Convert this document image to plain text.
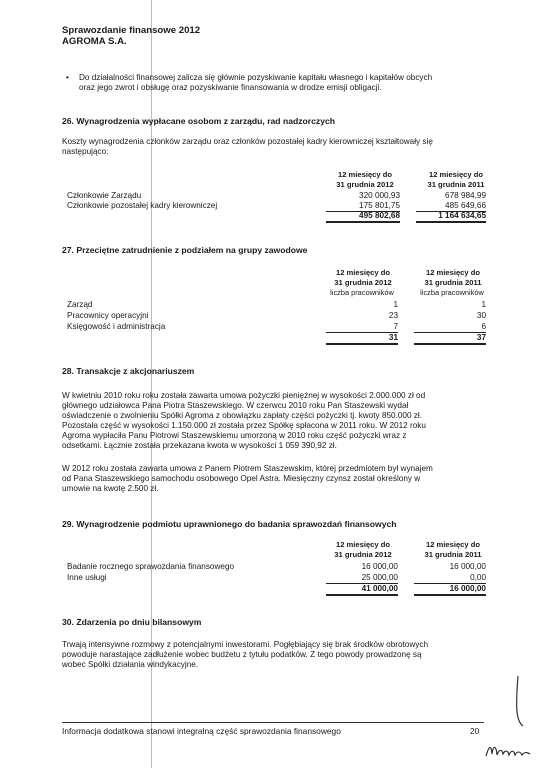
Sprawozdanie finansowe 2012
AGROMA S.A.
• Do działalności finansowej zalicza się głównie pozyskiwanie kapitału własnego i kapitałów obcych
oraz jego zwrot i obsługę oraz pozyskiwanie finansowania w drodze emisji obligacji.
26. Wynagrodzenia wypłacane osobom z zarządu, rad nadzorczych
Koszty wynagrodzenia członków zarządu oraz członków pozostałej kadry kierowniczej kształtowały się
następująco:
12 miesięcy do
31 grudnia 2012
12 miesięcy do
31 grudnia 2011
Członkowie Zarządu	320 000,93	678 984,99
Członkowie pozostałej kadry kierowniczej	175 801,75	485 649,66
495 802,68	1 164 634,65
27. Przeciętne zatrudnienie z podziałem na grupy zawodowe
12 miesięcy do
31 grudnia 2012
liczba pracowników
12 miesięcy do
31 grudnia 2011
liczba pracowników
Zarząd	1	1
Pracownicy operacyjni	23	30
Księgowość i administracja	7	6
31	37
28. Transakcje z akcjonariuszem
W kwietniu 2010 roku roku została zawarta umowa pożyczki pieniężnej w wysokości 2.000.000 zł od
głównego udziałowca Pana Piotra Staszewskiego. W czerwcu 2010 roku Pan Staszewski wydał
oświadczenie o zwolnieniu Spółki Agroma z obowiązku zapłaty części pożyczki tj. kwoty 850.000 zł.
Pozostała część w wysokości 1.150.000 zł została przez Spółkę spłacona w 2011 roku. W 2012 roku
Agroma wypłaciła Panu Piotrowi Staszewskiemu umorzoną w 2010 roku część pożyczki wraz z
odsetkami. Łącznie została przekazana kwota w wysokości 1 059 390,92 zł.
W 2012 roku została zawarta umowa z Panem Piotrem Staszewskim, której przedmiotem był wynajem
od Pana Staszewskiego samochodu osobowego Opel Astra. Miesięczny czynsz został określony w
umowie na kwotę 2.500 zł.
29. Wynagrodzenie podmiotu uprawnionego do badania sprawozdań finansowych
12 miesięcy do
31 grudnia 2012
12 miesięcy do
31 grudnia 2011
Badanie rocznego sprawozdania finansowego	16 000,00	16 000,00
Inne usługi	25 000,00	0,00
41 000,00	16 000,00
30. Zdarzenia po dniu bilansowym
Trwają intensywne rozmowy z potencjalnymi inwestorami. Pogłębiający się brak środków obrotowych
powoduje narastające zadłużenie wobec budżetu z tytułu podatków. Z tego powody prowadzonę są
wobec Spółki działania windykacyjne.
Informacja dodatkowa stanowi integralną część sprawozdania finansowego	20
